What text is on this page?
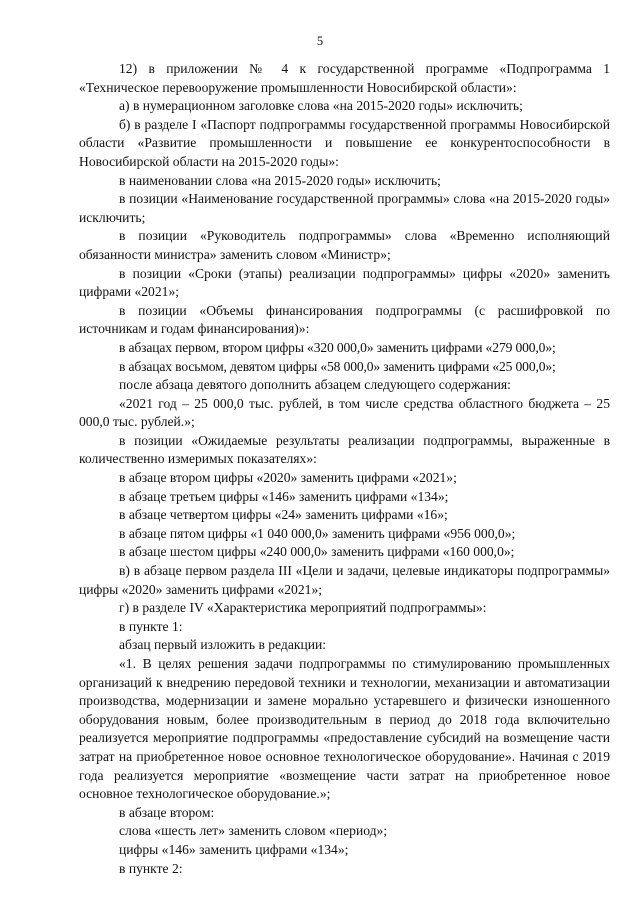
5

12) в приложении № 4 к государственной программе «Подпрограмма 1 «Техническое перевооружение промышленности Новосибирской области»:

а) в нумерационном заголовке слова «на 2015-2020 годы» исключить;

б) в разделе I «Паспорт подпрограммы государственной программы Новосибирской области «Развитие промышленности и повышение ее конкурентоспособности в Новосибирской области на 2015-2020 годы»:

в наименовании слова «на 2015-2020 годы» исключить;

в позиции «Наименование государственной программы» слова «на 2015-2020 годы» исключить;

в позиции «Руководитель подпрограммы» слова «Временно исполняющий обязанности министра» заменить словом «Министр»;

в позиции «Сроки (этапы) реализации подпрограммы» цифры «2020» заменить цифрами «2021»;

в позиции «Объемы финансирования подпрограммы (с расшифровкой по источникам и годам финансирования)»:

в абзацах первом, втором цифры «320 000,0» заменить цифрами «279 000,0»;

в абзацах восьмом, девятом цифры «58 000,0» заменить цифрами «25 000,0»;

после абзаца девятого дополнить абзацем следующего содержания:

«2021 год – 25 000,0 тыс. рублей, в том числе средства областного бюджета – 25 000,0 тыс. рублей.»;

в позиции «Ожидаемые результаты реализации подпрограммы, выраженные в количественно измеримых показателях»:

в абзаце втором цифры «2020» заменить цифрами «2021»;

в абзаце третьем цифры «146» заменить цифрами «134»;

в абзаце четвертом цифры «24» заменить цифрами «16»;

в абзаце пятом цифры «1 040 000,0» заменить цифрами «956 000,0»;

в абзаце шестом цифры «240 000,0» заменить цифрами «160 000,0»;

в) в абзаце первом раздела III «Цели и задачи, целевые индикаторы подпрограммы» цифры «2020» заменить цифрами «2021»;

г) в разделе IV «Характеристика мероприятий подпрограммы»:

в пункте 1:

абзац первый изложить в редакции:

«1. В целях решения задачи подпрограммы по стимулированию промышленных организаций к внедрению передовой техники и технологии, механизации и автоматизации производства, модернизации и замене морально устаревшего и физически изношенного оборудования новым, более производительным в период до 2018 года включительно реализуется мероприятие подпрограммы «предоставление субсидий на возмещение части затрат на приобретенное новое основное технологическое оборудование». Начиная с 2019 года реализуется мероприятие «возмещение части затрат на приобретенное новое основное технологическое оборудование.»;

в абзаце втором:

слова «шесть лет» заменить словом «период»;

цифры «146» заменить цифрами «134»;

в пункте 2:
